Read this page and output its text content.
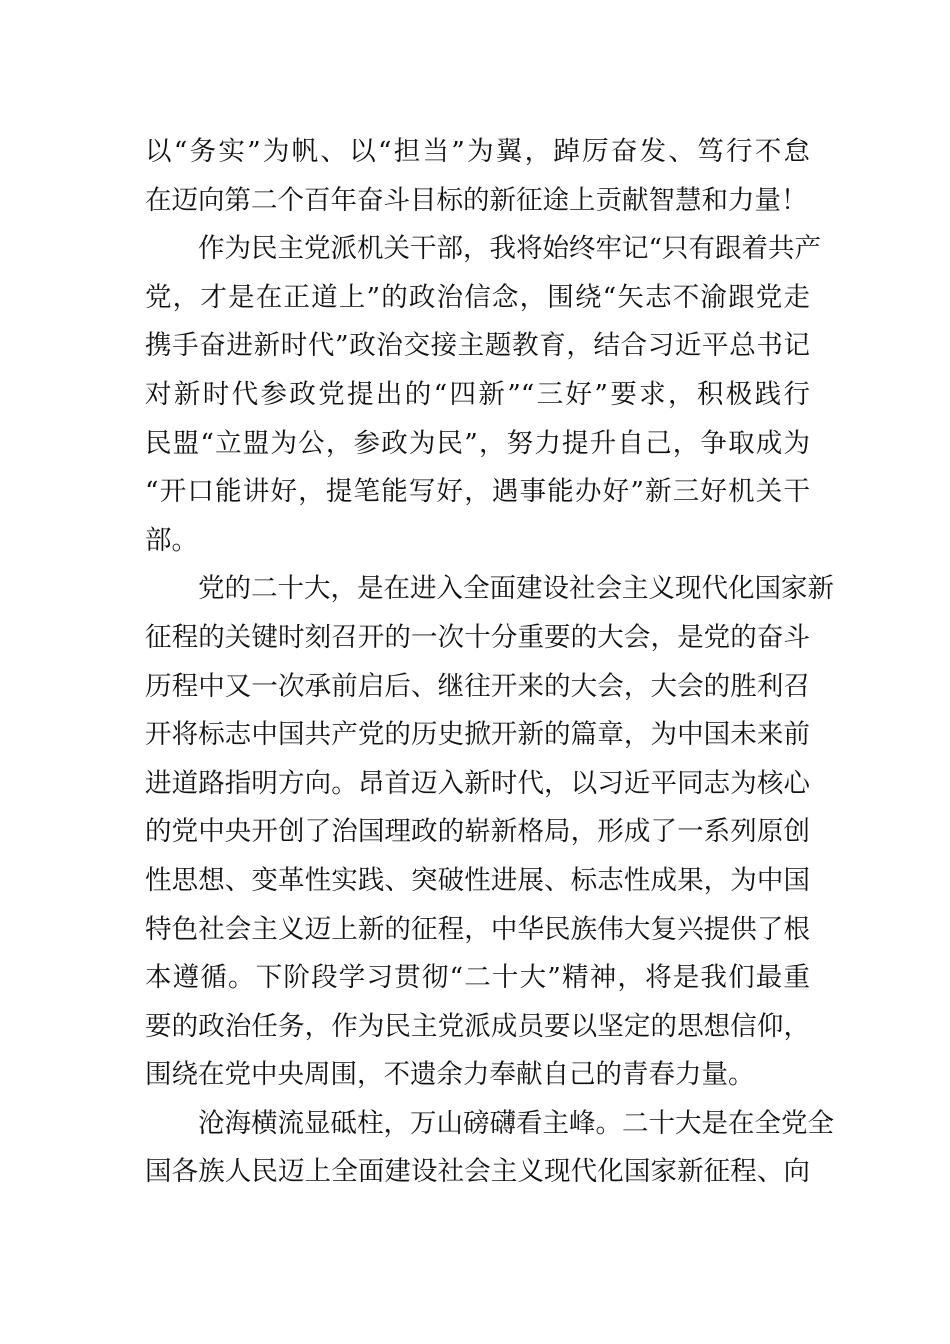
以“务实”为帆、以“担当”为翼，踔厉奋发、笃行不怠
在迈向第二个百年奋斗目标的新征途上贡献智慧和力量！
　　作为民主党派机关干部，我将始终牢记“只有跟着共产
党，才是在正道上”的政治信念，围绕“矢志不渝跟党走
携手奋进新时代”政治交接主题教育，结合习近平总书记
对新时代参政党提出的“四新”“三好”要求，积极践行
民盟“立盟为公，参政为民”，努力提升自己，争取成为
“开口能讲好，提笔能写好，遇事能办好”新三好机关干
部。
　　党的二十大，是在进入全面建设社会主义现代化国家新
征程的关键时刻召开的一次十分重要的大会，是党的奋斗
历程中又一次承前启后、继往开来的大会，大会的胜利召
开将标志中国共产党的历史掀开新的篇章，为中国未来前
进道路指明方向。昂首迈入新时代，以习近平同志为核心
的党中央开创了治国理政的崭新格局，形成了一系列原创
性思想、变革性实践、突破性进展、标志性成果，为中国
特色社会主义迈上新的征程，中华民族伟大复兴提供了根
本遵循。下阶段学习贯彻“二十大”精神，将是我们最重
要的政治任务，作为民主党派成员要以坚定的思想信仰，
围绕在党中央周围，不遗余力奉献自己的青春力量。
　　沧海横流显砥柱，万山磅礴看主峰。二十大是在全党全
国各族人民迈上全面建设社会主义现代化国家新征程、向
